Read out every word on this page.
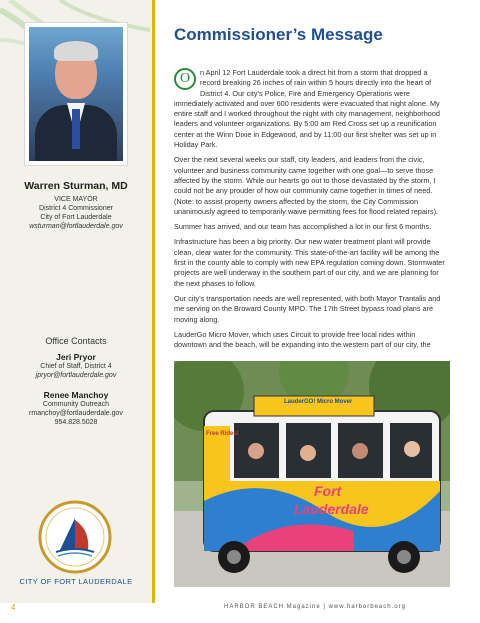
Warren Sturman, MD
VICE MAYOR
District 4 Commissioner
City of Fort Lauderdale
wsturman@fortlauderdale.gov
Office Contacts
Jeri Pryor
Chief of Staff, District 4
jpryor@fortlauderdale.gov
Renee Manchoy
Community Outreach
rmanchoy@fortlauderdale.gov
954.828.5028
CITY OF FORT LAUDERDALE
Commissioner’s Message

O	n April 12 Fort Lauderdale took a direct hit from a storm that dropped a record breaking 26 inches of rain within 5 hours directly into the heart of District 4. Our city’s Police, Fire and Emergency Operations were immediately activated and over 600 residents were evacuated that night alone. My entire staff and I worked throughout the night with city management, neighborhood leaders and volunteer organizations. By 5:00 am Red Cross set up a reunification center at the Winn Dixie in Edgewood, and by 11:00 our first shelter was set up in Holiday Park.

Over the next several weeks our staff, city leaders, and leaders from the civic, volunteer and business community came together with one goal—to serve those affected by the storm. While our hearts go out to those devastated by the storm, I could not be any prouder of how our community came together in times of need. (Note: to assist property owners affected by the storm, the City Commission unanimously agreed to temporarily waive permitting fees for flood related repairs).

Summer has arrived, and our team has accomplished a lot in our first 6 months.

Infrastructure has been a big priority. Our new water treatment plant will provide clean, clear water for the community. This state-of-the-art facility will be among the first in the county able to comply with new EPA regulation coming down. Stormwater projects are well underway in the southern part of our city, and we are planning for the next phases to follow.

Our city’s transportation needs are well represented, with both Mayor Trantalis and me serving on the Broward County MPO. The 17th Street bypass road plans are moving along.

LauderGo Micro Mover, which uses Circuit to provide free local rides within downtown and the beach, will be expanding into the western part of our city, the

LauderGO! Micro Mover
Free Rides!
Fort
Lauderdale
4	HARBOR BEACH Magazine | www.harborbeach.org
